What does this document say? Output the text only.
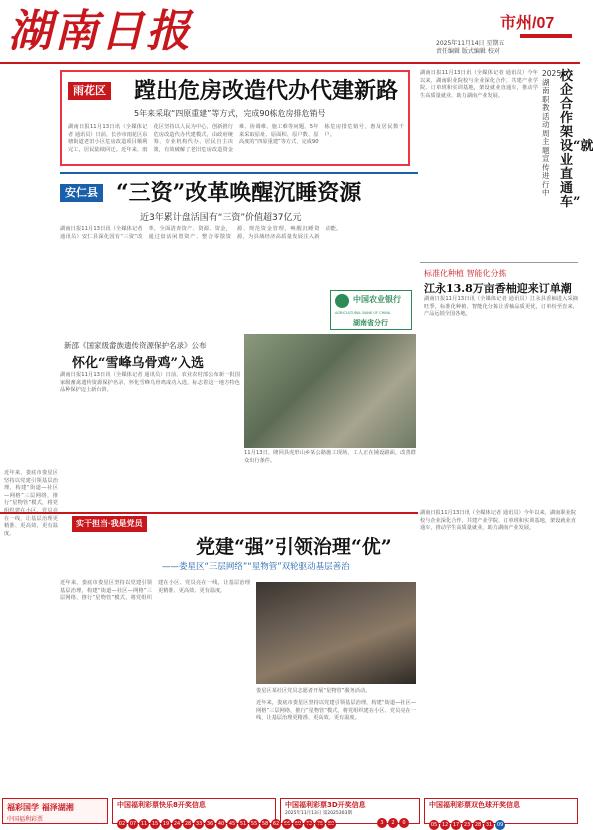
湖南日报	市州/07
2025年11月14日 星期五
责任编辑 版式编辑 校对
雨花区 蹚出危房改造代办代建新路
5年来采取“四原重建”等方式，完成90栋危房排危销号
湖南日报11月13日讯（全媒体记者 通讯员）日前，长沙市雨花区东塘街道老旧小区危房改造项目顺利完工，居民陆续回迁。近年来，雨花区坚持以人民为中心，创新推行危房改造代办代建模式，由政府统筹、专业机构代办、居民自主决策，有效破解了老旧危房改造资金难、协调难、施工难等问题，5年来采取原址、原面积、原户数、原高度的“四原重建”等方式，完成90栋危房排危销号，惠及居民数千户。
校企合作架设“就业直通车”
2025湖南职教活动周主题宣传进行中
湖南日报11月13日讯（全媒体记者 通讯员）今年以来，湖南职业院校与企业深化合作，共建产业学院、订单班和实训基地，架设就业直通车，推动学生高质量就业，助力湖南产业发展。
标准化种植 智能化分拣
江永13.8万亩香柚迎来订单潮
湖南日报11月13日讯（全媒体记者 通讯员）江永县香柚进入采摘旺季，标准化种植、智能化分拣让香柚品质更优，订单纷至沓来，产品远销全国各地。
安仁县 “三资”改革唤醒沉睡资源
近3年累计盘活国有“三资”价值超37亿元
湖南日报11月13日讯（全媒体记者 通讯员）安仁县深化国有“三资”改革，全面清查资产、资源、资金，通过盘活闲置资产、整合零散资源、规范资金管理，唤醒沉睡资源，为县域经济高质量发展注入新动能。
中国农业银行
AGRICULTURAL BANK OF CHINA
湖南省分行
新邵《国家级畲族遗传资源保护名录》公布
怀化“雪峰乌骨鸡”入选
湖南日报11月13日讯（全媒体记者 通讯员）日前，农业农村部公布新一批国家级畜禽遗传资源保护名录，怀化雪峰乌骨鸡成功入选，标志着这一地方特色品种保护迈上新台阶。
11月13日，隆回县虎形山乡某公路施工现场，工人正在铺设路面，改善群众出行条件。
实干担当·我是党员
党建“强”引领治理“优”
——娄星区“三层网络”“星物管”双轮驱动基层善治
近年来，娄底市娄星区坚持以党建引领基层治理，构建“街道—社区—网格”三层网络，推行“星物管”模式，将党组织建在小区、党员亮在一线，让基层治理更精准、更高效、更有温度。
近年来，娄底市娄星区坚持以党建引领基层治理，构建“街道—社区—网格”三层网络，推行“星物管”模式，将党组织建在小区、党员亮在一线，让基层治理更精准、更高效、更有温度。
娄星区某社区党员志愿者开展“星物管”服务活动。
近年来，娄底市娄星区坚持以党建引领基层治理，构建“街道—社区—网格”三层网络，推行“星物管”模式，将党组织建在小区、党员亮在一线，让基层治理更精准、更高效、更有温度。
湖南日报11月13日讯（全媒体记者 通讯员）今年以来，湖南职业院校与企业深化合作，共建产业学院、订单班和实训基地，架设就业直通车，推动学生高质量就业，助力湖南产业发展。
福彩国学 福泽湖湘
中国福利彩票
中国福利彩票快乐8开奖信息
02 07 11 15 19 24 28 33 36 40 45 51 55 58 62 66 69 72 75 80
中国福利彩票3D开奖信息
2025年11月13日 第2025303期
3 2 0
中国福利彩票双色球开奖信息
05 12 17 23 28 31 09
